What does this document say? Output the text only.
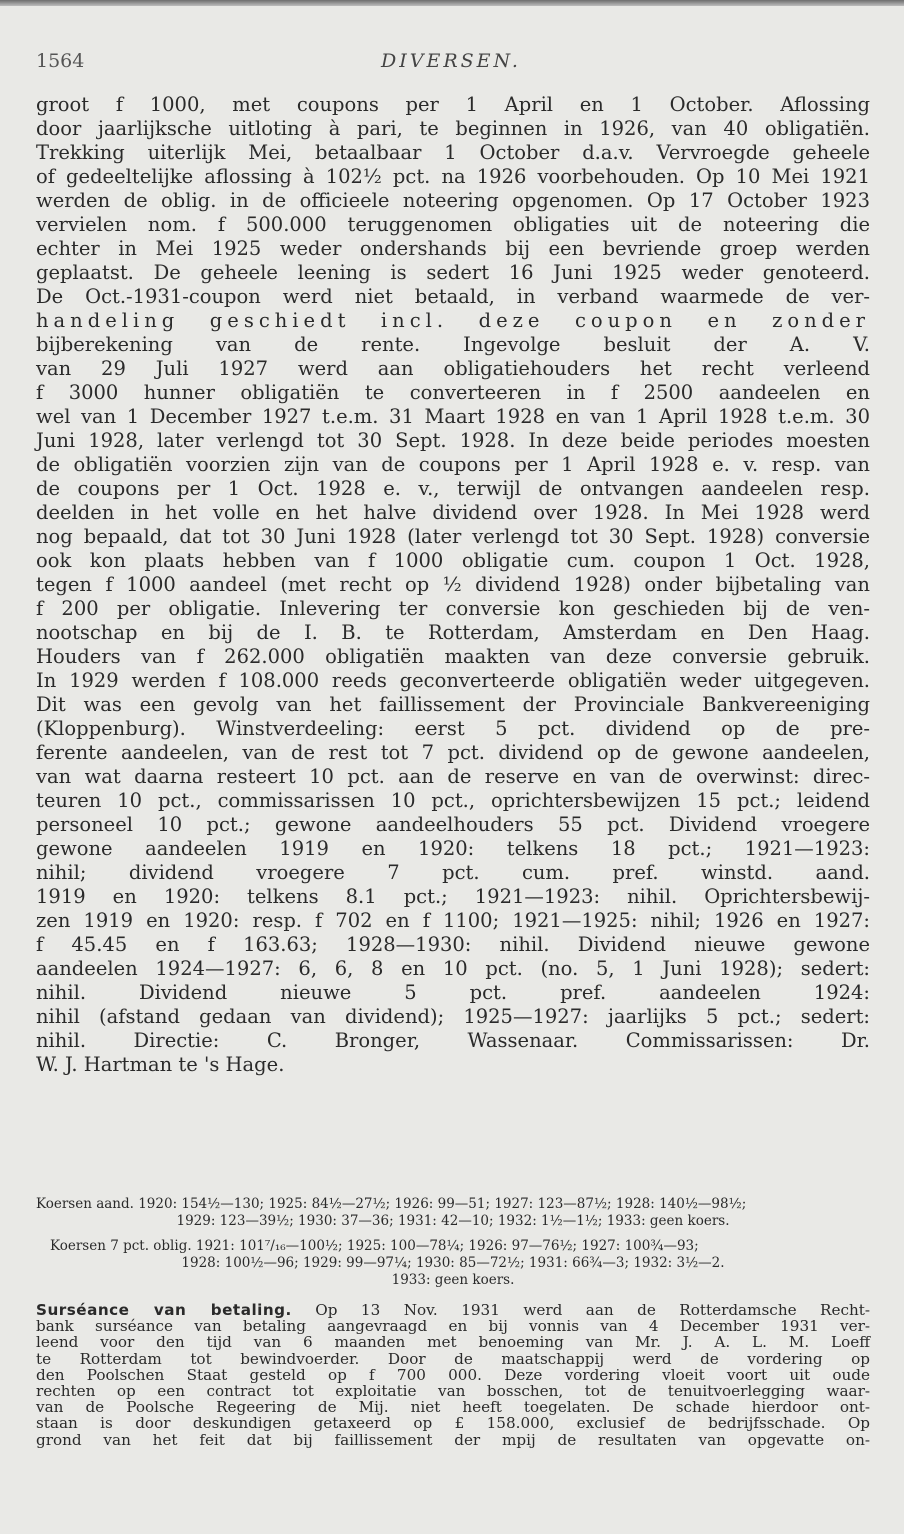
1564	DIVERSEN.
groot f 1000, met coupons per 1 April en 1 October. Aflossing
door jaarlijksche uitloting à pari, te beginnen in 1926, van 40 obligatiën.
Trekking uiterlijk Mei, betaalbaar 1 October d.a.v. Vervroegde geheele
of gedeeltelijke aflossing à 102½ pct. na 1926 voorbehouden. Op 10 Mei 1921
werden de oblig. in de officieele noteering opgenomen. Op 17 October 1923
vervielen nom. f 500.000 teruggenomen obligaties uit de noteering die
echter in Mei 1925 weder ondershands bij een bevriende groep werden
geplaatst. De geheele leening is sedert 16 Juni 1925 weder genoteerd.
De Oct.-1931-coupon werd niet betaald, in verband waarmede de ver-
handeling geschiedt incl. deze coupon en zonder
bijberekening van de rente. Ingevolge besluit der A. V.
van 29 Juli 1927 werd aan obligatiehouders het recht verleend
f 3000 hunner obligatiën te converteeren in f 2500 aandeelen en
wel van 1 December 1927 t.e.m. 31 Maart 1928 en van 1 April 1928 t.e.m. 30
Juni 1928, later verlengd tot 30 Sept. 1928. In deze beide periodes moesten
de obligatiën voorzien zijn van de coupons per 1 April 1928 e. v. resp. van
de coupons per 1 Oct. 1928 e. v., terwijl de ontvangen aandeelen resp.
deelden in het volle en het halve dividend over 1928. In Mei 1928 werd
nog bepaald, dat tot 30 Juni 1928 (later verlengd tot 30 Sept. 1928) conversie
ook kon plaats hebben van f 1000 obligatie cum. coupon 1 Oct. 1928,
tegen f 1000 aandeel (met recht op ½ dividend 1928) onder bijbetaling van
f 200 per obligatie. Inlevering ter conversie kon geschieden bij de ven-
nootschap en bij de I. B. te Rotterdam, Amsterdam en Den Haag.
Houders van f 262.000 obligatiën maakten van deze conversie gebruik.
In 1929 werden f 108.000 reeds geconverteerde obligatiën weder uitgegeven.
Dit was een gevolg van het faillissement der Provinciale Bankvereeniging
(Kloppenburg). Winstverdeeling: eerst 5 pct. dividend op de pre-
ferente aandeelen, van de rest tot 7 pct. dividend op de gewone aandeelen,
van wat daarna resteert 10 pct. aan de reserve en van de overwinst: direc-
teuren 10 pct., commissarissen 10 pct., oprichtersbewijzen 15 pct.; leidend
personeel 10 pct.; gewone aandeelhouders 55 pct. Dividend vroegere
gewone aandeelen 1919 en 1920: telkens 18 pct.; 1921—1923:
nihil; dividend vroegere 7 pct. cum. pref. winstd. aand.
1919 en 1920: telkens 8.1 pct.; 1921—1923: nihil. Oprichtersbewij-
zen 1919 en 1920: resp. f 702 en f 1100; 1921—1925: nihil; 1926 en 1927:
f 45.45 en f 163.63; 1928—1930: nihil. Dividend nieuwe gewone
aandeelen 1924—1927: 6, 6, 8 en 10 pct. (no. 5, 1 Juni 1928); sedert:
nihil. Dividend nieuwe 5 pct. pref. aandeelen 1924:
nihil (afstand gedaan van dividend); 1925—1927: jaarlijks 5 pct.; sedert:
nihil. Directie: C. Bronger, Wassenaar. Commissarissen: Dr.
W. J. Hartman te 's Hage.
Koersen aand. 1920: 154½—130; 1925: 84½—27½; 1926: 99—51; 1927: 123—87½; 1928: 140½—98½;
1929: 123—39½; 1930: 37—36; 1931: 42—10; 1932: 1½—1½; 1933: geen koers.
Koersen 7 pct. oblig. 1921: 101⁷/₁₆—100½; 1925: 100—78¼; 1926: 97—76½; 1927: 100¾—93;
1928: 100½—96; 1929: 99—97¼; 1930: 85—72½; 1931: 66¾—3; 1932: 3½—2.
1933: geen koers.
Surséance van betaling. Op 13 Nov. 1931 werd aan de Rotterdamsche Recht-
bank surséance van betaling aangevraagd en bij vonnis van 4 December 1931 ver-
leend voor den tijd van 6 maanden met benoeming van Mr. J. A. L. M. Loeff
te Rotterdam tot bewindvoerder. Door de maatschappij werd de vordering op
den Poolschen Staat gesteld op f 700 000. Deze vordering vloeit voort uit oude
rechten op een contract tot exploitatie van bosschen, tot de tenuitvoerlegging waar-
van de Poolsche Regeering de Mij. niet heeft toegelaten. De schade hierdoor ont-
staan is door deskundigen getaxeerd op £ 158.000, exclusief de bedrijfsschade. Op
grond van het feit dat bij faillissement der mpij de resultaten van opgevatte on-
